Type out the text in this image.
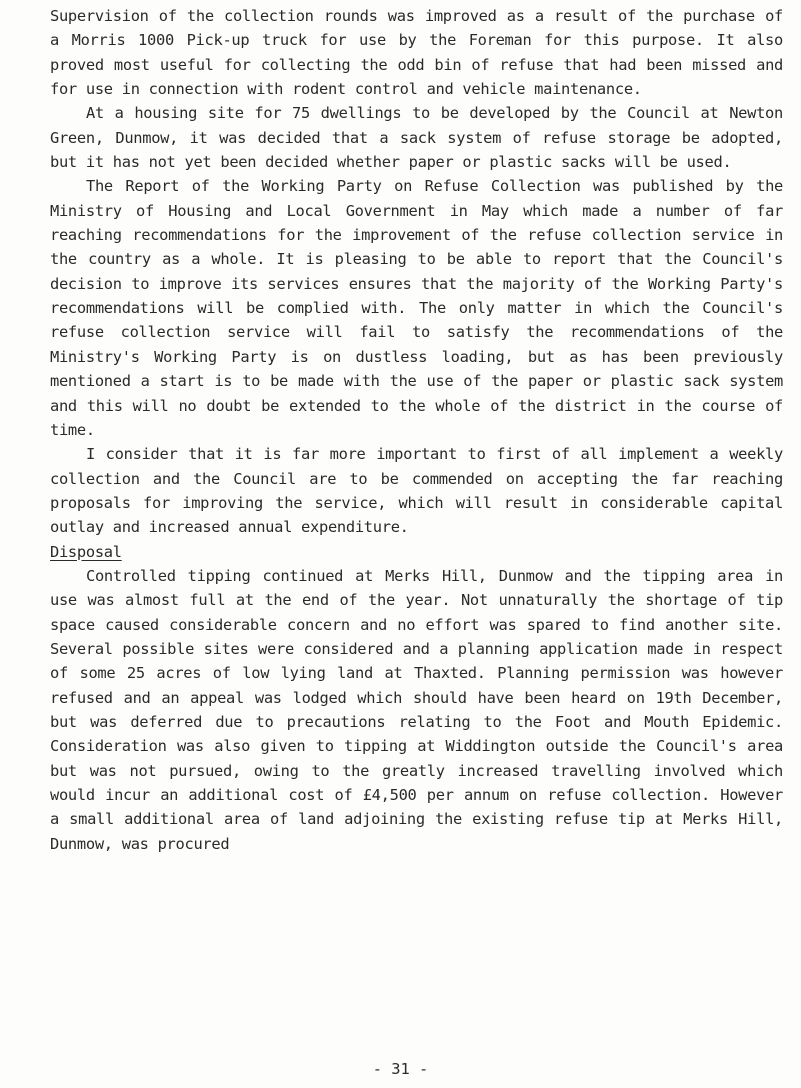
Supervision of the collection rounds was improved as a result of the purchase of a Morris 1000 Pick-up truck for use by the Foreman for this purpose. It also proved most useful for collecting the odd bin of refuse that had been missed and for use in connection with rodent control and vehicle maintenance.

At a housing site for 75 dwellings to be developed by the Council at Newton Green, Dunmow, it was decided that a sack system of refuse storage be adopted, but it has not yet been decided whether paper or plastic sacks will be used.

The Report of the Working Party on Refuse Collection was published by the Ministry of Housing and Local Government in May which made a number of far reaching recommendations for the improvement of the refuse collection service in the country as a whole. It is pleasing to be able to report that the Council's decision to improve its services ensures that the majority of the Working Party's recommendations will be complied with. The only matter in which the Council's refuse collection service will fail to satisfy the recommendations of the Ministry's Working Party is on dustless loading, but as has been previously mentioned a start is to be made with the use of the paper or plastic sack system and this will no doubt be extended to the whole of the district in the course of time.

I consider that it is far more important to first of all implement a weekly collection and the Council are to be commended on accepting the far reaching proposals for improving the service, which will result in considerable capital outlay and increased annual expenditure.

Disposal

Controlled tipping continued at Merks Hill, Dunmow and the tipping area in use was almost full at the end of the year. Not unnaturally the shortage of tip space caused considerable concern and no effort was spared to find another site. Several possible sites were considered and a planning application made in respect of some 25 acres of low lying land at Thaxted. Planning permission was however refused and an appeal was lodged which should have been heard on 19th December, but was deferred due to precautions relating to the Foot and Mouth Epidemic. Consideration was also given to tipping at Widdington outside the Council's area but was not pursued, owing to the greatly increased travelling involved which would incur an additional cost of £4,500 per annum on refuse collection. However a small additional area of land adjoining the existing refuse tip at Merks Hill, Dunmow, was procured

- 31 -
